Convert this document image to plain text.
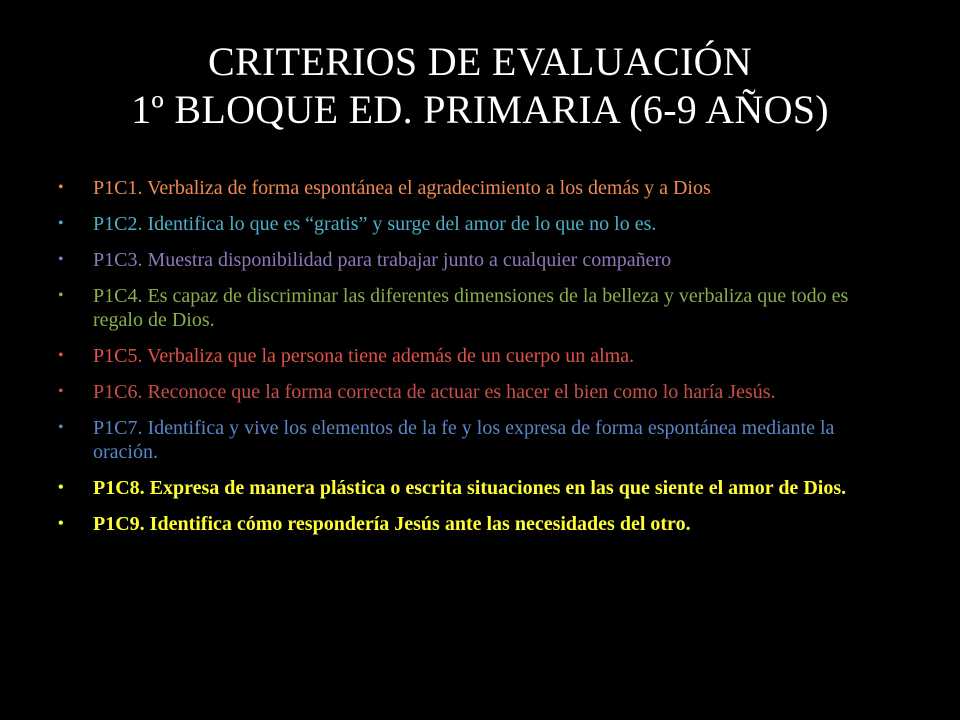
CRITERIOS DE EVALUACIÓN
1º BLOQUE ED. PRIMARIA (6-9 AÑOS)
• P1C1. Verbaliza de forma espontánea el agradecimiento a los demás y a Dios
• P1C2. Identifica lo que es “gratis” y surge del amor de lo que no lo es.
• P1C3. Muestra disponibilidad para trabajar junto a cualquier compañero
• P1C4. Es capaz de discriminar las diferentes dimensiones de la belleza y verbaliza que todo es regalo de Dios.
• P1C5. Verbaliza que la persona tiene además de un cuerpo un alma.
• P1C6. Reconoce que la forma correcta de actuar es hacer el bien como lo haría Jesús.
• P1C7. Identifica y vive los elementos de la fe y los expresa de forma espontánea mediante la oración.
• P1C8. Expresa de manera plástica o escrita situaciones en las que siente el amor de Dios.
• P1C9. Identifica cómo respondería Jesús ante las necesidades del otro.
